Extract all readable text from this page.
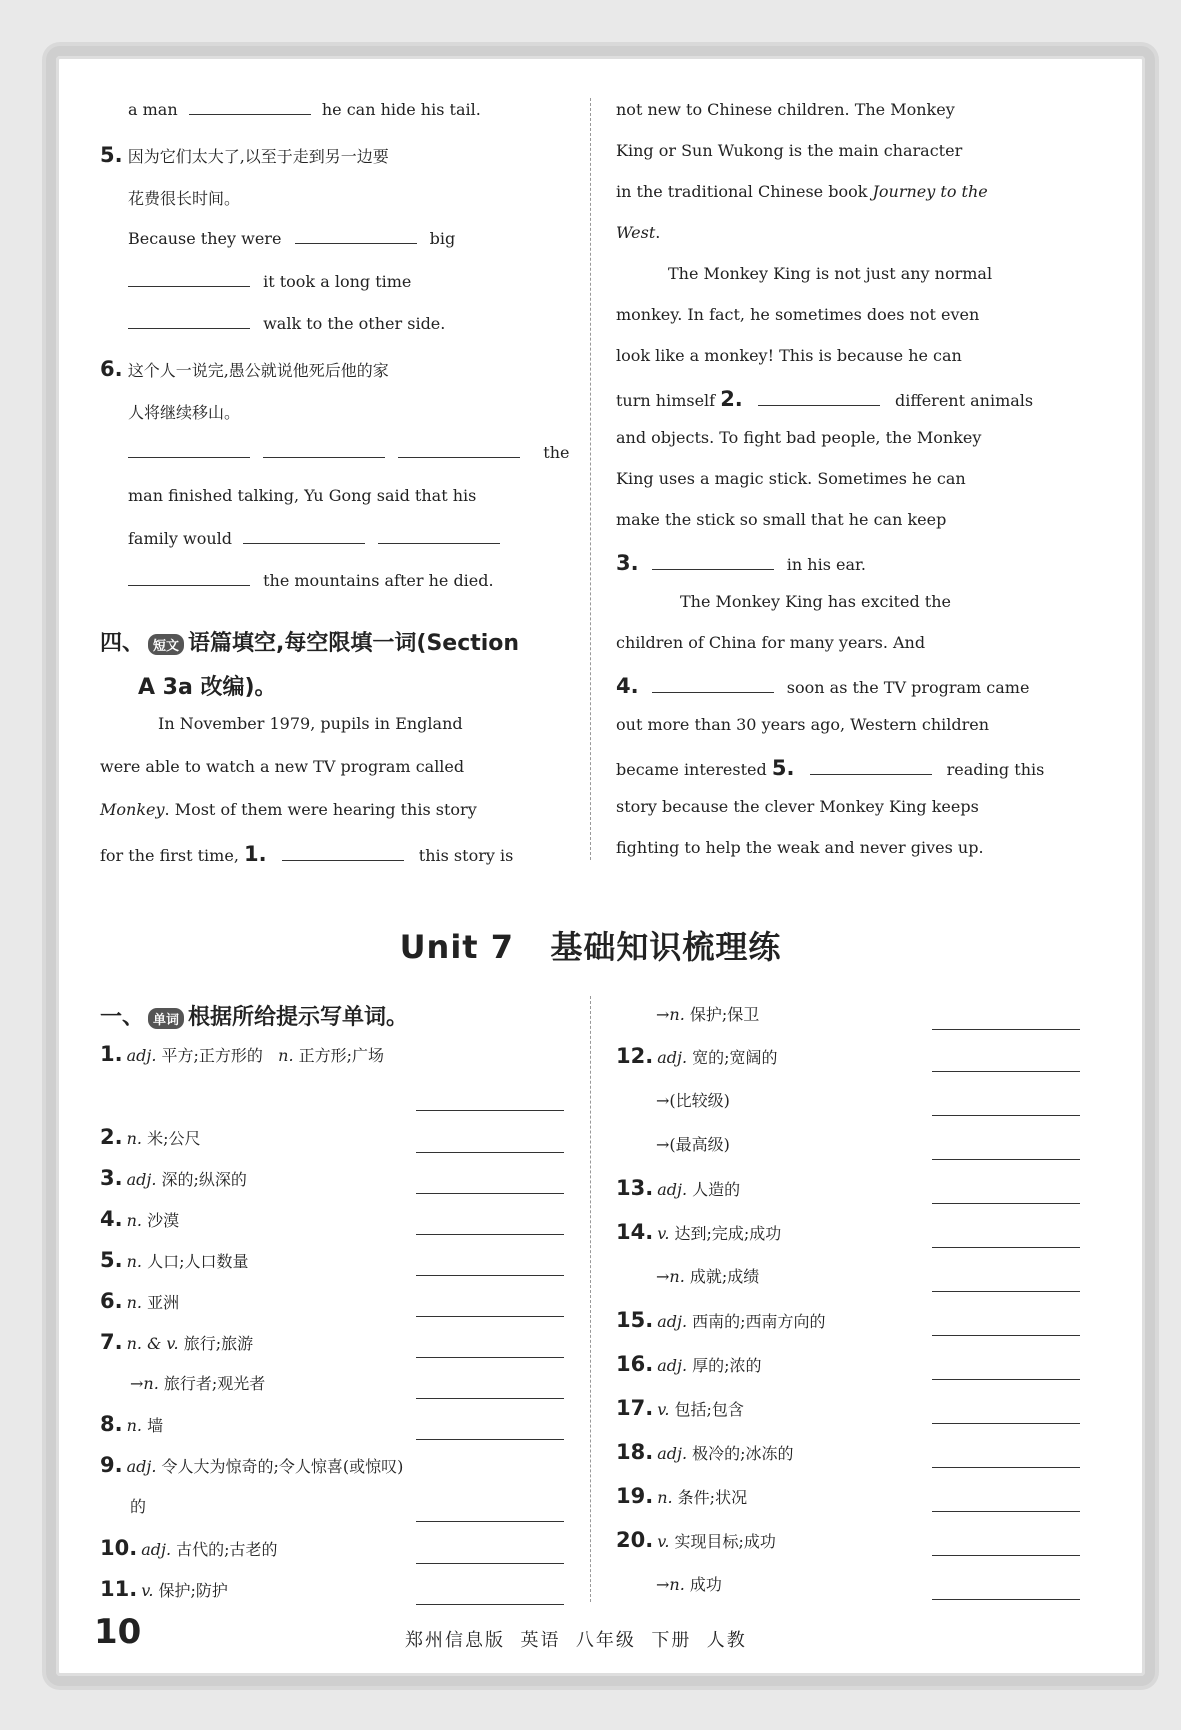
a man	he can hide his tail.
5. 因为它们太大了,以至于走到另一边要
花费很长时间。
Because they were	big
it took a long time
walk to the other side.
6. 这个人一说完,愚公就说他死后他的家
人将继续移山。
the
man finished talking, Yu Gong said that his
family would
the mountains after he died.
四、 短文 语篇填空,每空限填一词(Section
A 3a 改编)。
In November 1979, pupils in England
were able to watch a new TV program called
Monkey. Most of them were hearing this story
for the first time, 1.	this story is
not new to Chinese children. The Monkey
King or Sun Wukong is the main character
in the traditional Chinese book Journey to the
West.
The Monkey King is not just any normal
monkey. In fact, he sometimes does not even
look like a monkey! This is because he can
turn himself 2.	different animals
and objects. To fight bad people, the Monkey
King uses a magic stick. Sometimes he can
make the stick so small that he can keep
3.	in his ear.
The Monkey King has excited the
children of China for many years. And
4.	soon as the TV program came
out more than 30 years ago, Western children
became interested 5.	reading this
story because the clever Monkey King keeps
fighting to help the weak and never gives up.
Unit 7   基础知识梳理练
一、 单词 根据所给提示写单词。
1. adj. 平方;正方形的   n. 正方形;广场
2. n. 米;公尺
3. adj. 深的;纵深的
4. n. 沙漠
5. n. 人口;人口数量
6. n. 亚洲
7. n. & v. 旅行;旅游
→n. 旅行者;观光者
8. n. 墙
9. adj. 令人大为惊奇的;令人惊喜(或惊叹)
的
10. adj. 古代的;古老的
11. v. 保护;防护
→n. 保护;保卫
12. adj. 宽的;宽阔的
→(比较级)
→(最高级)
13. adj. 人造的
14. v. 达到;完成;成功
→n. 成就;成绩
15. adj. 西南的;西南方向的
16. adj. 厚的;浓的
17. v. 包括;包含
18. adj. 极冷的;冰冻的
19. n. 条件;状况
20. v. 实现目标;成功
→n. 成功
10	郑州信息版  英语  八年级  下册  人教
